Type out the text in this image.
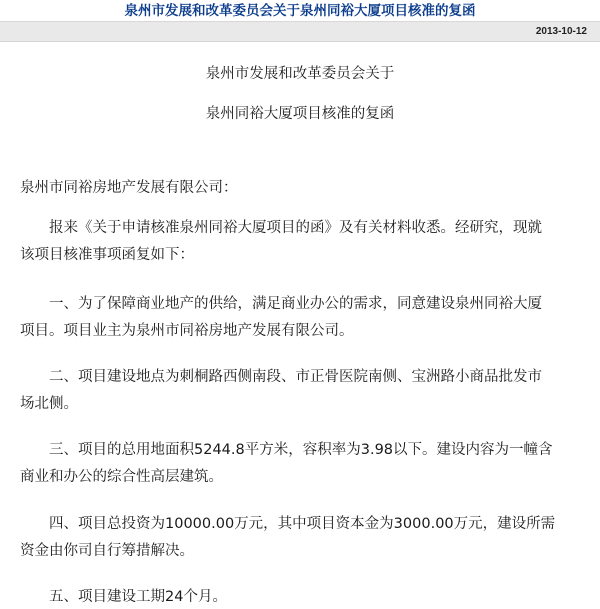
泉州市发展和改革委员会关于泉州同裕大厦项目核准的复函
2013-10-12
泉州市发展和改革委员会关于
泉州同裕大厦项目核准的复函
泉州市同裕房地产发展有限公司：
　　报来《关于申请核准泉州同裕大厦项目的函》及有关材料收悉。经研究，现就
该项目核准事项函复如下：
　　一、为了保障商业地产的供给，满足商业办公的需求，同意建设泉州同裕大厦
项目。项目业主为泉州市同裕房地产发展有限公司。
　　二、项目建设地点为刺桐路西侧南段、市正骨医院南侧、宝洲路小商品批发市
场北侧。
　　三、项目的总用地面积5244.8平方米，容积率为3.98以下。建设内容为一幢含
商业和办公的综合性高层建筑。
　　四、项目总投资为10000.00万元，其中项目资本金为3000.00万元，建设所需
资金由你司自行筹措解决。
　　五、项目建设工期24个月。
